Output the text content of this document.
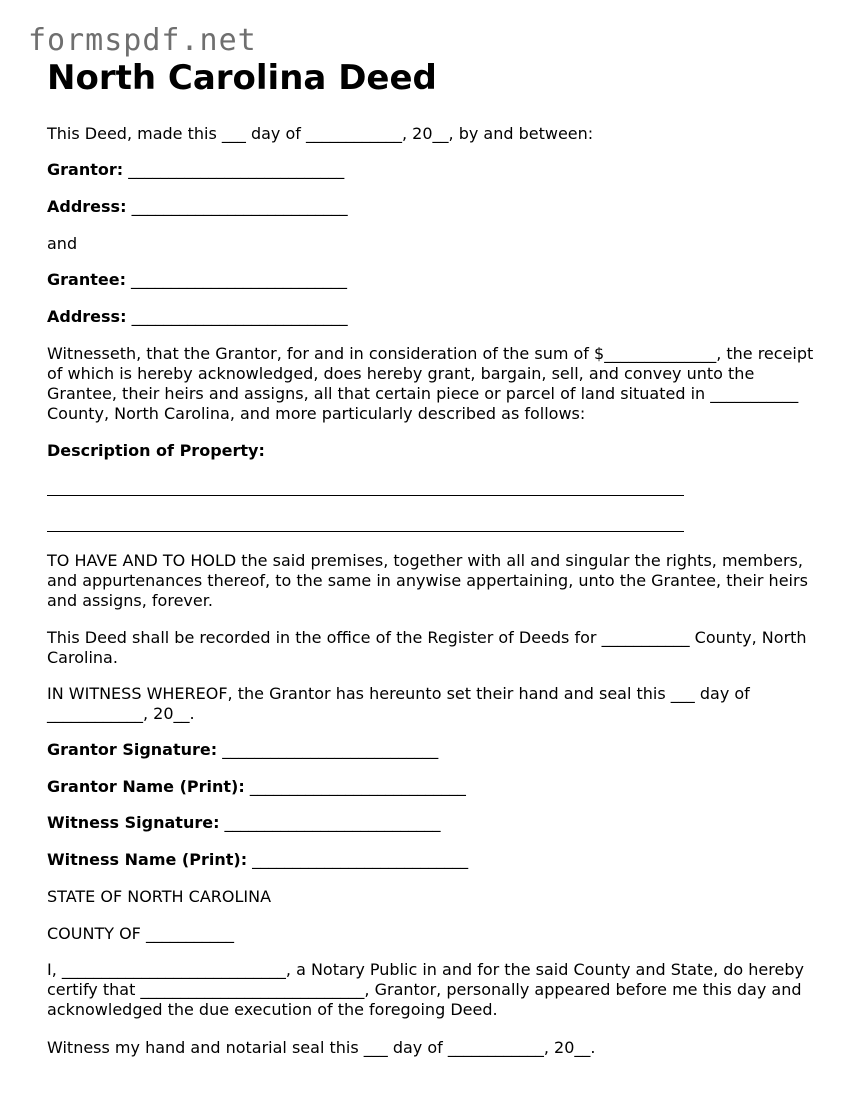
formspdf.net
North Carolina Deed
This Deed, made this ___ day of ____________, 20__, by and between:
Grantor: ___________________________
Address: ___________________________
and
Grantee: ___________________________
Address: ___________________________
Witnesseth, that the Grantor, for and in consideration of the sum of $______________, the receipt of which is hereby acknowledged, does hereby grant, bargain, sell, and convey unto the Grantee, their heirs and assigns, all that certain piece or parcel of land situated in ___________ County, North Carolina, and more particularly described as follows:
Description of Property:
TO HAVE AND TO HOLD the said premises, together with all and singular the rights, members, and appurtenances thereof, to the same in anywise appertaining, unto the Grantee, their heirs and assigns, forever.
This Deed shall be recorded in the office of the Register of Deeds for ___________ County, North Carolina.
IN WITNESS WHEREOF, the Grantor has hereunto set their hand and seal this ___ day of ____________, 20__.
Grantor Signature: ___________________________
Grantor Name (Print): ___________________________
Witness Signature: ___________________________
Witness Name (Print): ___________________________
STATE OF NORTH CAROLINA
COUNTY OF ___________
I, ____________________________, a Notary Public in and for the said County and State, do hereby certify that ____________________________, Grantor, personally appeared before me this day and acknowledged the due execution of the foregoing Deed.
Witness my hand and notarial seal this ___ day of ____________, 20__.
